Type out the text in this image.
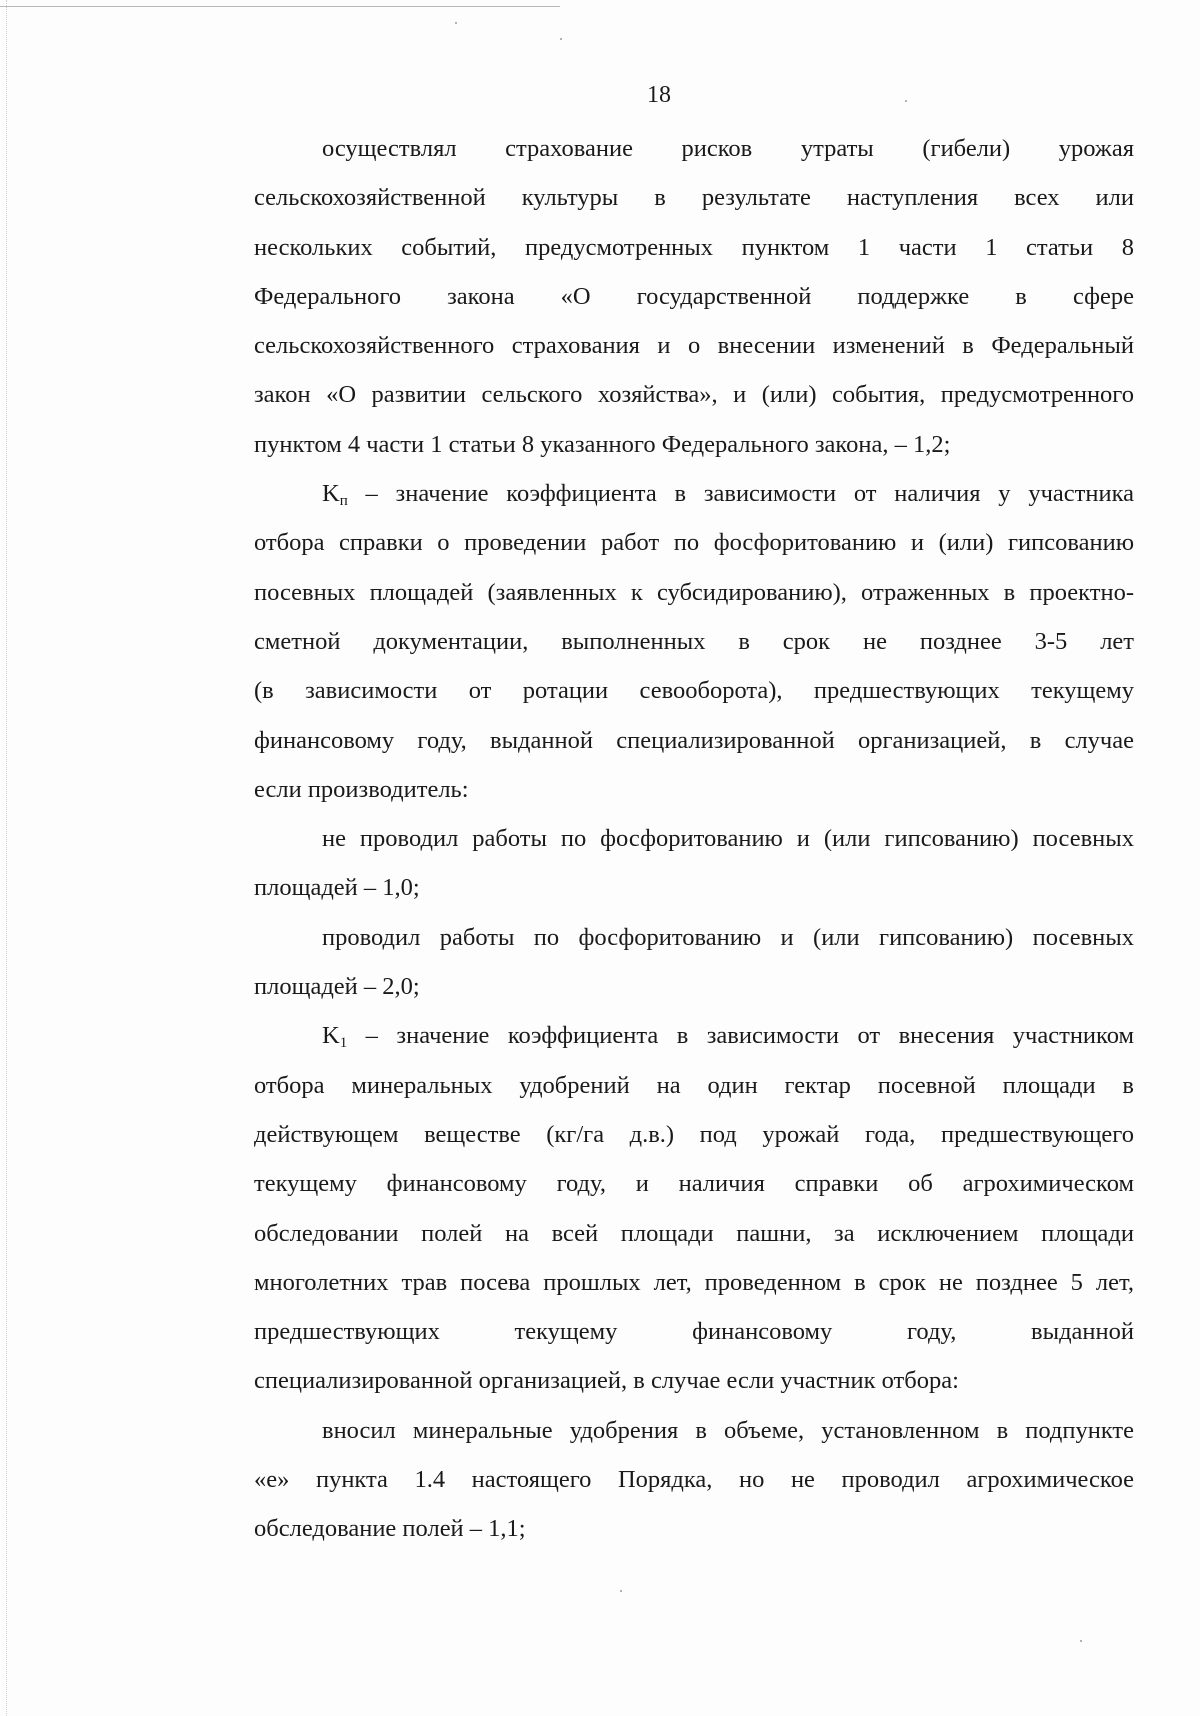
18

осуществлял страхование рисков утраты (гибели) урожая
сельскохозяйственной культуры в результате наступления всех или
нескольких событий, предусмотренных пунктом 1 части 1 статьи 8
Федерального закона «О государственной поддержке в сфере
сельскохозяйственного страхования и о внесении изменений в Федеральный
закон «О развитии сельского хозяйства», и (или) события, предусмотренного
пунктом 4 части 1 статьи 8 указанного Федерального закона, – 1,2;

$K_п$ – значение коэффициента в зависимости от наличия у участника
отбора справки о проведении работ по фосфоритованию и (или) гипсованию
посевных площадей (заявленных к субсидированию), отраженных в проектно-
сметной документации, выполненных в срок не позднее 3-5 лет
(в зависимости от ротации севооборота), предшествующих текущему
финансовому году, выданной специализированной организацией, в случае
если производитель:

не проводил работы по фосфоритованию и (или гипсованию) посевных
площадей – 1,0;

проводил работы по фосфоритованию и (или гипсованию) посевных
площадей – 2,0;

$K_1$ – значение коэффициента в зависимости от внесения участником
отбора минеральных удобрений на один гектар посевной площади в
действующем веществе (кг/га д.в.) под урожай года, предшествующего
текущему финансовому году, и наличия справки об агрохимическом
обследовании полей на всей площади пашни, за исключением площади
многолетних трав посева прошлых лет, проведенном в срок не позднее 5 лет,
предшествующих текущему финансовому году, выданной
специализированной организацией, в случае если участник отбора:

вносил минеральные удобрения в объеме, установленном в подпункте
«е» пункта 1.4 настоящего Порядка, но не проводил агрохимическое
обследование полей – 1,1;
